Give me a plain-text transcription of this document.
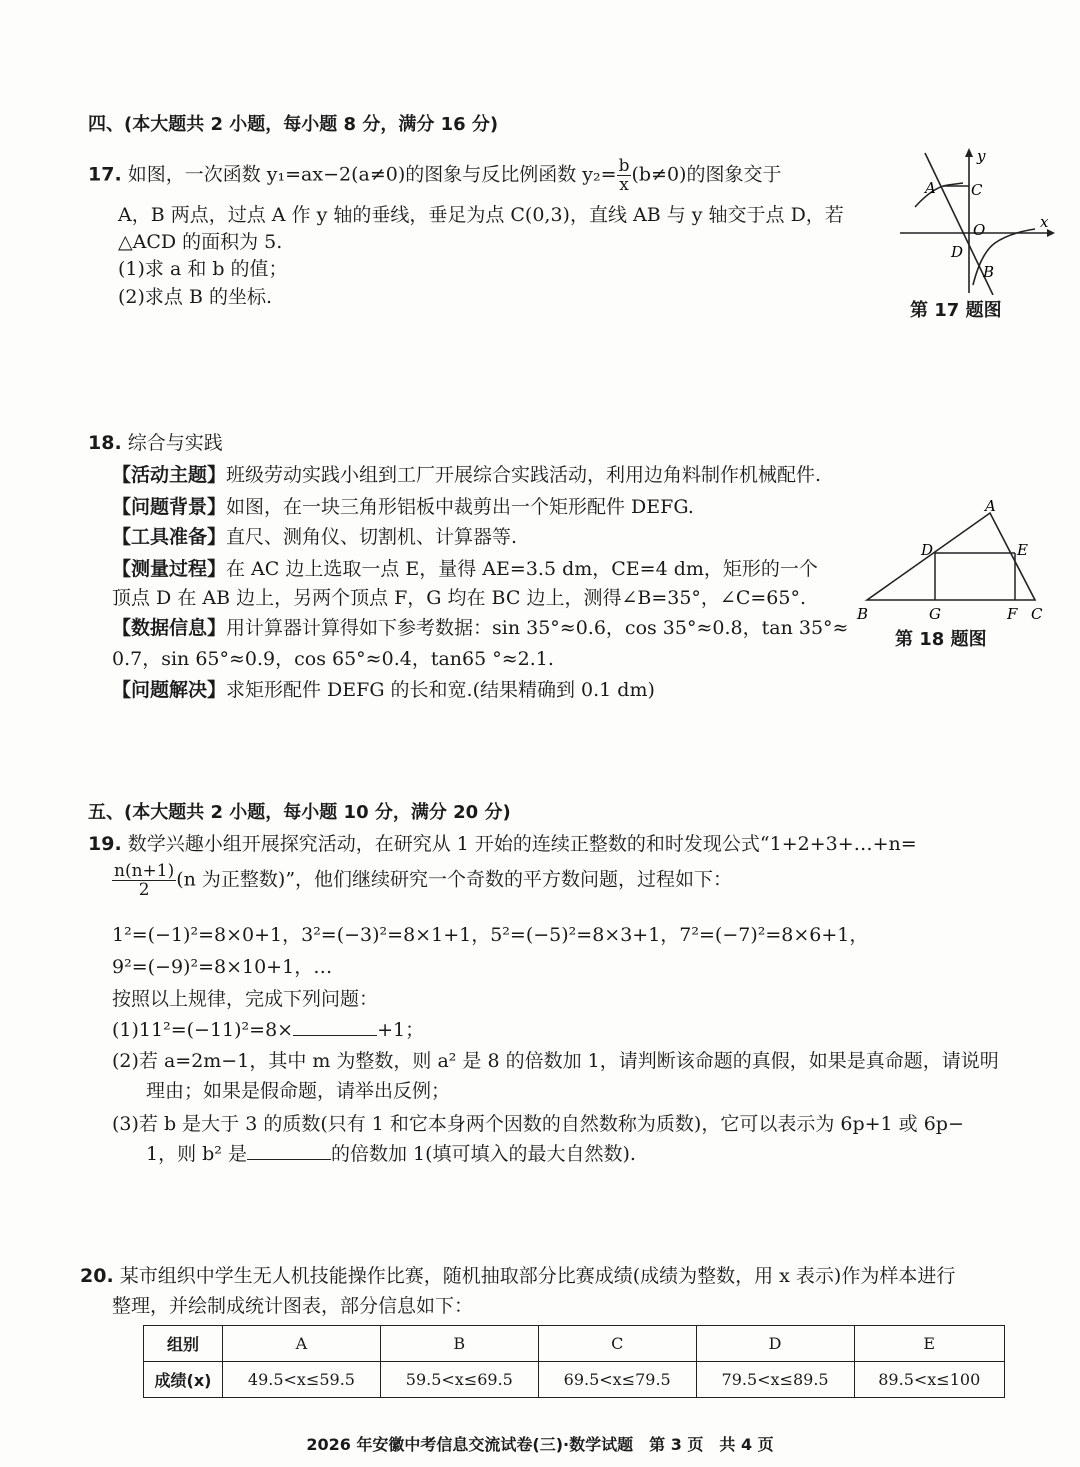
四、(本大题共 2 小题，每小题 8 分，满分 16 分)
17. 如图，一次函数 y₁=ax−2(a≠0)的图象与反比例函数 $y_2= \frac{b}{x} (b\ne 0)$的图象交于
A，B 两点，过点 A 作 y 轴的垂线，垂足为点 C(0,3)，直线 AB 与 y 轴交于点 D，若
△ACD 的面积为 5.
(1)求 a 和 b 的值；
(2)求点 B 的坐标.
y
x
A C
O
D
B
第 17 题图
18. 综合与实践
【活动主题】班级劳动实践小组到工厂开展综合实践活动，利用边角料制作机械配件.
【问题背景】如图，在一块三角形铝板中裁剪出一个矩形配件 DEFG.
【工具准备】直尺、测角仪、切割机、计算器等.
【测量过程】在 AC 边上选取一点 E，量得 AE=3.5 dm，CE=4 dm，矩形的一个
顶点 D 在 AB 边上，另两个顶点 F，G 均在 BC 边上，测得∠B=35°，∠C=65°.
【数据信息】用计算器计算得如下参考数据：sin 35°≈0.6，cos 35°≈0.8，tan 35°≈
0.7，sin 65°≈0.9，cos 65°≈0.4，tan65 °≈2.1.
【问题解决】求矩形配件 DEFG 的长和宽.(结果精确到 0.1 dm)
A
B	C
D	E
F
G
第 18 题图
五、(本大题共 2 小题，每小题 10 分，满分 20 分)
19. 数学兴趣小组开展探究活动，在研究从 1 开始的连续正整数的和时发现公式“1+2+3+…+n=
$\frac{n(n+1)}{2} (n$ 为正整数)”，他们继续研究一个奇数的平方数问题，过程如下：
1²=(−1)²=8×0+1，3²=(−3)²=8×1+1，5²=(−5)²=8×3+1，7²=(−7)²=8×6+1，
9²=(−9)²=8×10+1，…
按照以上规律，完成下列问题：
(1)11²=(−11)²=8×	+1；
(2)若 a=2m−1，其中 m 为整数，则 a² 是 8 的倍数加 1，请判断该命题的真假，如果是真命题，请说明
理由；如果是假命题，请举出反例；
(3)若 b 是大于 3 的质数(只有 1 和它本身两个因数的自然数称为质数)，它可以表示为 6p+1 或 6p−
1，则 b² 是	的倍数加 1(填可填入的最大自然数).
20. 某市组织中学生无人机技能操作比赛，随机抽取部分比赛成绩(成绩为整数，用 x 表示)作为样本进行
整理，并绘制成统计图表，部分信息如下：
组别	A	B	C	D	E
成绩(x)	49.5<x≤59.5	59.5<x≤69.5	69.5<x≤79.5	79.5<x≤89.5	89.5<x≤100
2026 年安徽中考信息交流试卷(三)·数学试题　第 3 页　共 4 页
